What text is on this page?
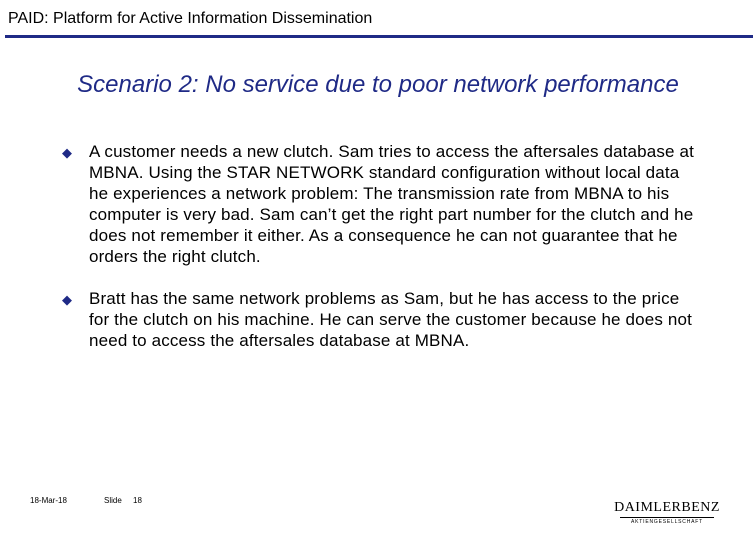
PAID: Platform for Active Information Dissemination
Scenario 2: No service due to poor network performance
◆ A customer needs a new clutch. Sam tries to access the aftersales database at MBNA. Using the STAR NETWORK standard configuration without local data he experiences a network problem: The transmission rate from MBNA to his computer is very bad. Sam can’t get the right part number for the clutch and he does not remember it either. As a consequence he can not guarantee that he orders the right clutch.
◆ Bratt has the same network problems as Sam, but he has access to the price for the clutch on his machine. He can serve the customer because he does not need to access the aftersales database at MBNA.
18-Mar-18	Slide 18	DAIMLERBENZ
AKTIENGESELLSCHAFT
